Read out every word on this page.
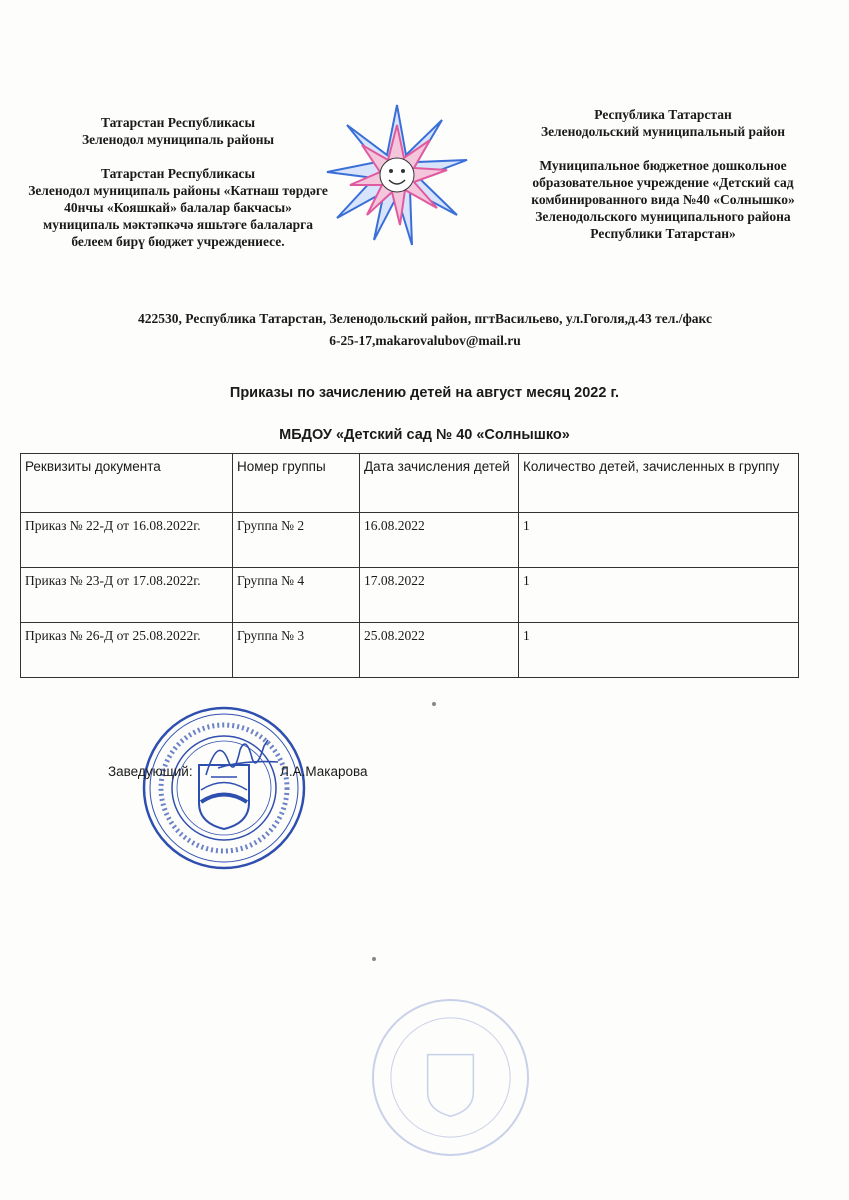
Татарстан Республикасы
Зеленодол муниципаль районы
Татарстан Республикасы
Зеленодол муниципаль районы «Катнаш төрдәге 40нчы «Кояшкай» балалар бакчасы» муниципаль мәктәпкәчә яшьтәге балаларга белеем бирү бюджет учреждениесе.
Республика Татарстан
Зеленодольский муниципальный район
Муниципальное бюджетное дошкольное образовательное учреждение «Детский сад комбинированного вида №40 «Солнышко» Зеленодольского муниципального района Республики Татарстан»
422530, Республика Татарстан, Зеленодольский район, пгтВасильево, ул.Гоголя,д.43 тел./факс
6-25-17,makarovalubov@mail.ru
Приказы по зачислению детей на август месяц 2022 г.
МБДОУ «Детский сад № 40 «Солнышко»
Реквизиты документа	Номер группы	Дата зачисления детей	Количество детей, зачисленных в группу
Приказ № 22-Д от 16.08.2022г.	Группа № 2	16.08.2022	1
Приказ № 23-Д от 17.08.2022г.	Группа № 4	17.08.2022	1
Приказ № 26-Д от 25.08.2022г.	Группа № 3	25.08.2022	1
Заведующий:	Л.А.Макарова
